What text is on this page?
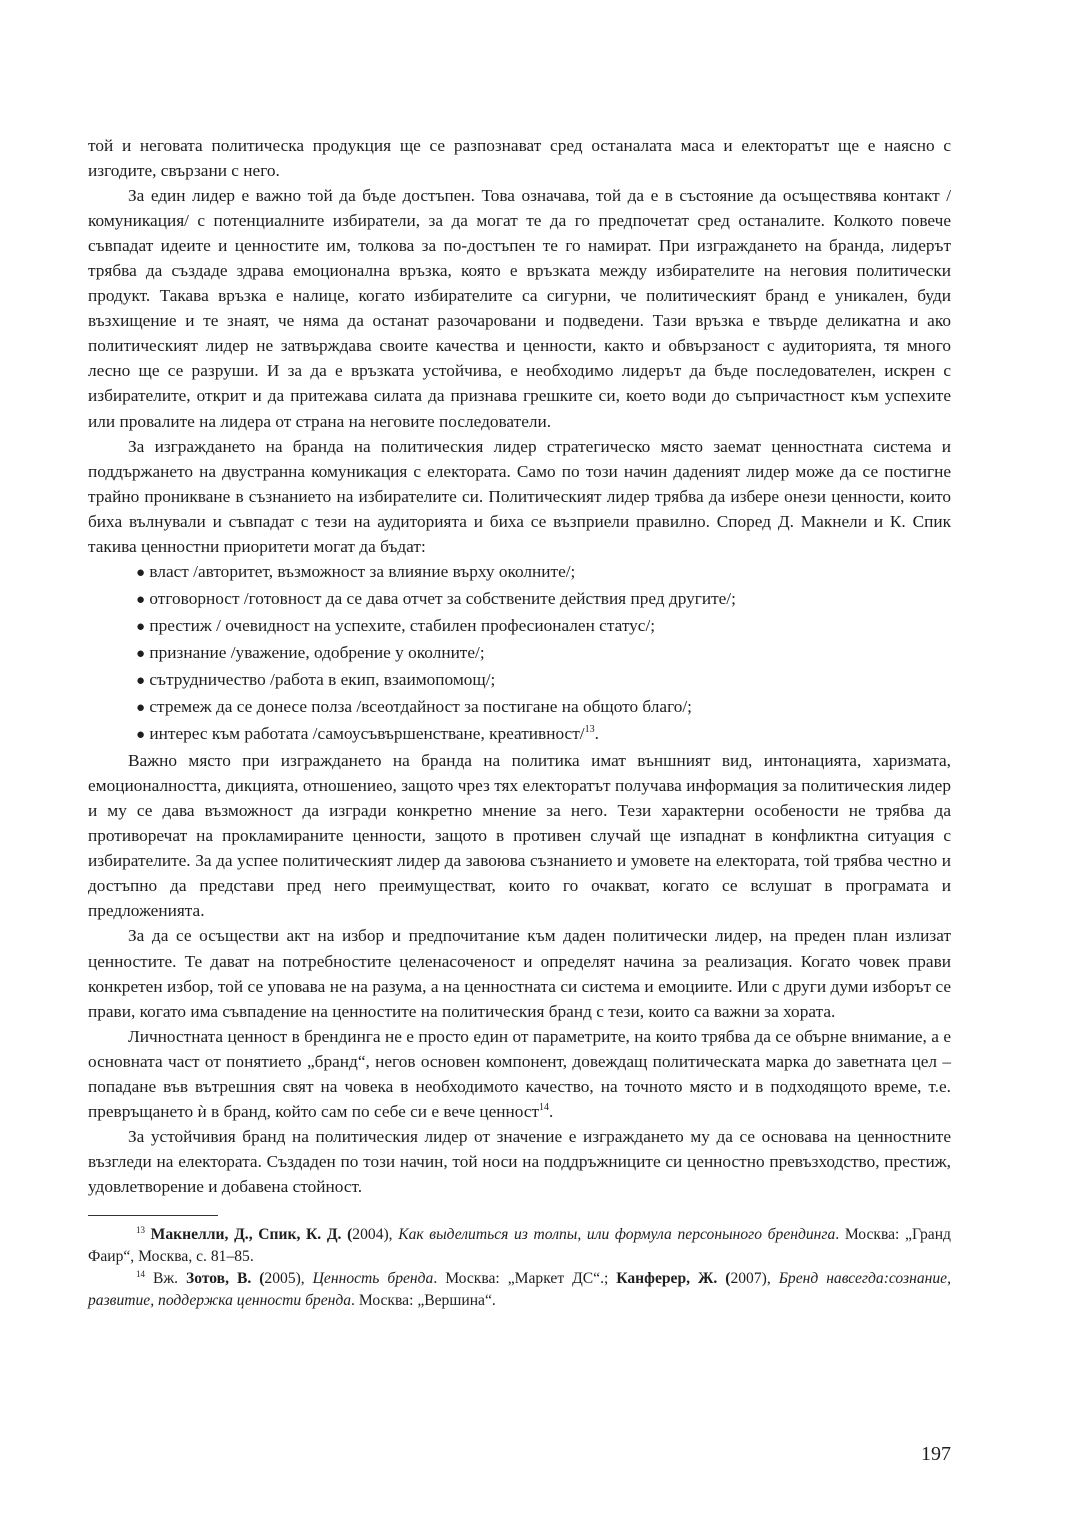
той и неговата политическа продукция ще се разпознават сред останалата маса и електоратът ще е наясно с изгодите, свързани с него.

За един лидер е важно той да бъде достъпен. Това означава, той да е в състояние да осъществява контакт /комуникация/ с потенциалните избиратели, за да могат те да го предпочетат сред останалите. Колкото повече съвпадат идеите и ценностите им, толкова за по-достъпен те го намират. При изграждането на бранда, лидерът трябва да създаде здрава емоционална връзка, която е връзката между избирателите на неговия политически продукт. Такава връзка е налице, когато избирателите са сигурни, че политическият бранд е уникален, буди възхищение и те знаят, че няма да останат разочаровани и подведени. Тази връзка е твърде деликатна и ако политическият лидер не затвърждава своите качества и ценности, както и обвързаност с аудиторията, тя много лесно ще се разруши. И за да е връзката устойчива, е необходимо лидерът да бъде последователен, искрен с избирателите, открит и да притежава силата да признава грешките си, което води до съпричастност към успехите или провалите на лидера от страна на неговите последователи.

За изграждането на бранда на политическия лидер стратегическо място заемат ценностната система и поддържането на двустранна комуникация с електората. Само по този начин даденият лидер може да се постигне трайно проникване в съзнанието на избирателите си. Политическият лидер трябва да избере онези ценности, които биха вълнували и съвпадат с тези на аудиторията и биха се възприели правилно. Според Д. Макнели и К. Спик такива ценностни приоритети могат да бъдат:

● власт /авторитет, възможност за влияние върху околните/;
● отговорност /готовност да се дава отчет за собствените действия пред другите/;
● престиж / очевидност на успехите, стабилен професионален статус/;
● признание /уважение, одобрение у околните/;
● сътрудничество /работа в екип, взаимопомощ/;
● стремеж да се донесе полза /всеотдайност за постигане на общото благо/;
● интерес към работата /самоусъвършенстване, креативност/$^{13}$.

Важно място при изграждането на бранда на политика имат външният вид, интонацията, харизмата, емоционалността, дикцията, отношениео, защото чрез тях електоратът получава информация за политическия лидер и му се дава възможност да изгради конкретно мнение за него. Тези характерни особености не трябва да противоречат на прокламираните ценности, защото в противен случай ще изпаднат в конфликтна ситуация с избирателите. За да успее политическият лидер да завоюва съзнанието и умовете на електората, той трябва честно и достъпно да представи пред него преимуществат, които го очакват, когато се вслушат в програмата и предложенията.

За да се осъществи акт на избор и предпочитание към даден политически лидер, на преден план излизат ценностите. Те дават на потребностите целенасоченост и определят начина за реализация. Когато човек прави конкретен избор, той се уповава не на разума, а на ценностната си система и емоциите. Или с други думи изборът се прави, когато има съвпадение на ценностите на политическия бранд с тези, които са важни за хората.

Личностната ценност в брендинга не е просто един от параметрите, на които трябва да се обърне внимание, а е основната част от понятието „бранд“, негов основен компонент, довеждащ политическата марка до заветната цел – попадане във вътрешния свят на човека в необходимото качество, на точното място и в подходящото време, т.е. превръщането ѝ в бранд, който сам по себе си е вече ценност$^{14}$.

За устойчивия бранд на политическия лидер от значение е изграждането му да се основава на ценностните възгледи на електората. Създаден по този начин, той носи на поддръжниците си ценностно превъзходство, престиж, удовлетворение и добавена стойност.

$^{13}$ Макнелли, Д., Спик, К. Д. (2004), Как выделиться из толпы, или формула персоныного брендинга. Москва: „Гранд Фаир“, Москва, с. 81–85.

$^{14}$ Вж. Зотов, В. (2005), Ценность бренда. Москва: „Маркет ДС“.; Канферер, Ж. (2007), Бренд навсегда:сознание, развитие, поддержка ценности бренда. Москва: „Вершина“.

197
